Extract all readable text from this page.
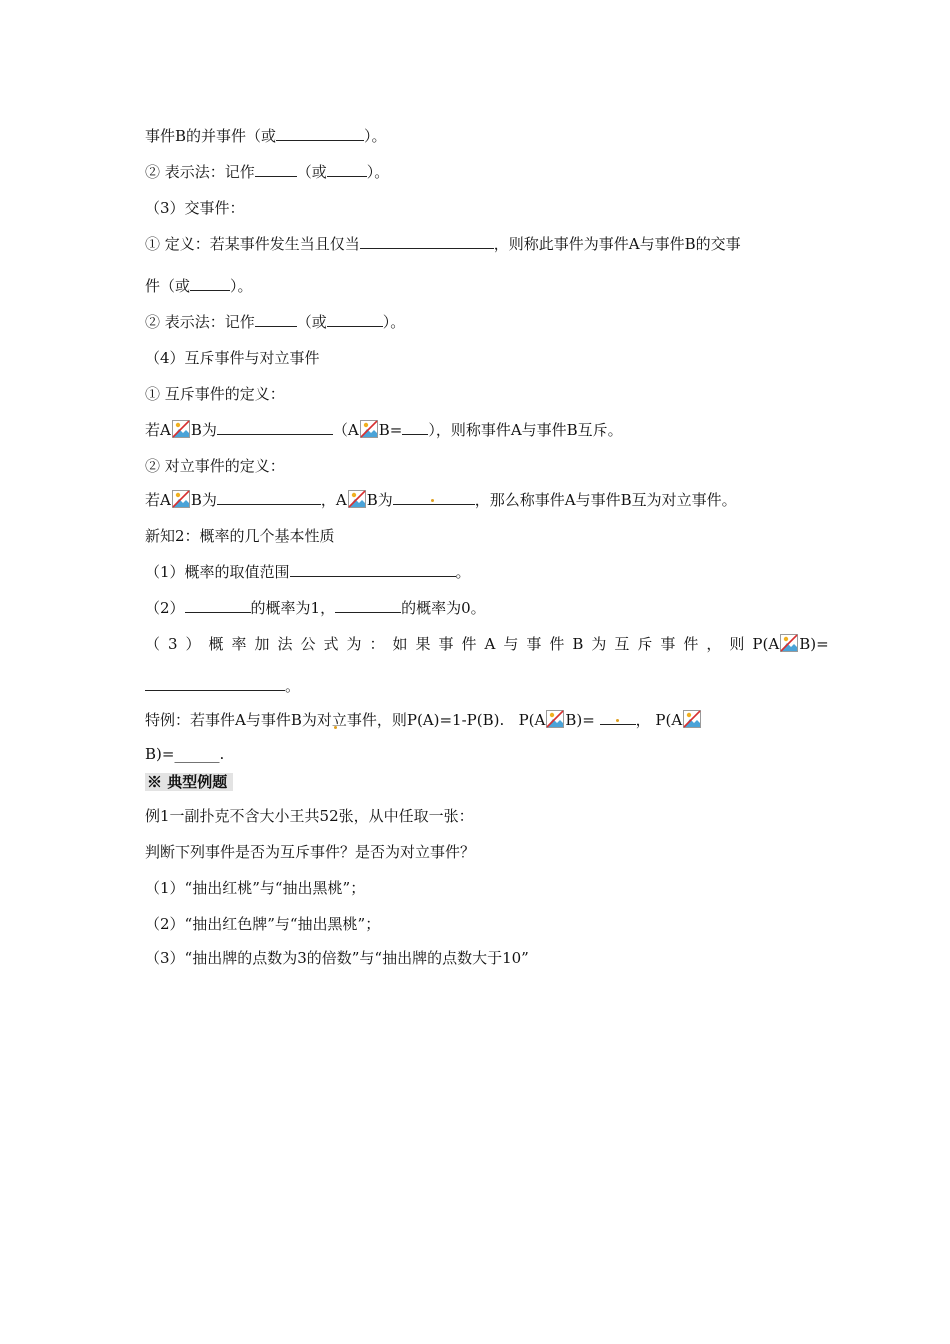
事件B的并事件（或	）。
② 表示法：记作	（或	）。
（3）交事件：
① 定义：若某事件发生当且仅当	，则称此事件为事件A与事件B的交事
件（或	）。
② 表示法：记作	（或	）。
（4）互斥事件与对立事件
① 互斥事件的定义：
若A B为	（A B= ），则称事件A与事件B互斥。
② 对立事件的定义：
若A B为	，A B为	，那么称事件A与事件B互为对立事件。
新知2：概率的几个基本性质
（1）概率的取值范围	。
（2）	的概率为1，	的概率为0。
（3）概率加法公式为：如果事件A与事件B为互斥事件，则P(A B)=
。
特例：若事件A与事件B为对立事件，则P(A)=1-P(B). P(A B)=	， P(A
B)=______.
※ 典型例题
例1一副扑克不含大小王共52张，从中任取一张：
判断下列事件是否为互斥事件？是否为对立事件？
（1）“抽出红桃”与“抽出黑桃”；
（2）“抽出红色牌”与“抽出黑桃”；
（3）“抽出牌的点数为3的倍数”与“抽出牌的点数大于10”
